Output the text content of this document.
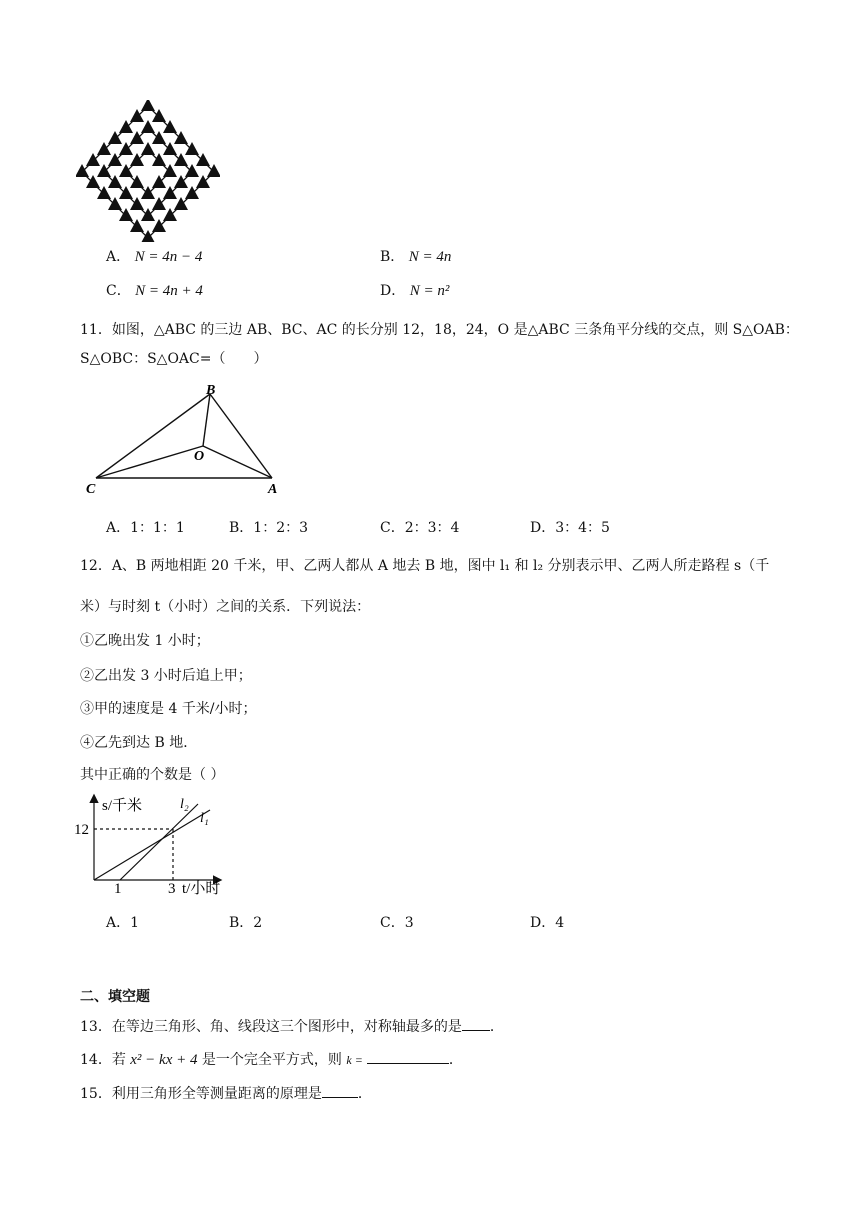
A． N = 4n − 4	B． N = 4n
C． N = 4n + 4	D． N = n²
11．如图，△ABC 的三边 AB、BC、AC 的长分别 12，18，24，O 是△ABC 三条角平分线的交点，则 S△OAB：
S△OBC：S△OAC=（　　）
B
O
C	A
A．1：1：1	B．1：2：3	C．2：3：4	D．3：4：5
12．A、B 两地相距 20 千米，甲、乙两人都从 A 地去 B 地，图中 l₁ 和 l₂ 分别表示甲、乙两人所走路程 s（千
米）与时刻 t（小时）之间的关系．下列说法：
①乙晚出发 1 小时；
②乙出发 3 小时后追上甲；
③甲的速度是 4 千米/小时；
④乙先到达 B 地．
其中正确的个数是（ ）
s/千米
12
1	3 t/小时
l₂
l₁
A．1	B．2	C．3	D．4
二、填空题
13．在等边三角形、角、线段这三个图形中，对称轴最多的是 ．
14．若 x² − kx + 4 是一个完全平方式，则 k =	．
15．利用三角形全等测量距离的原理是	．
